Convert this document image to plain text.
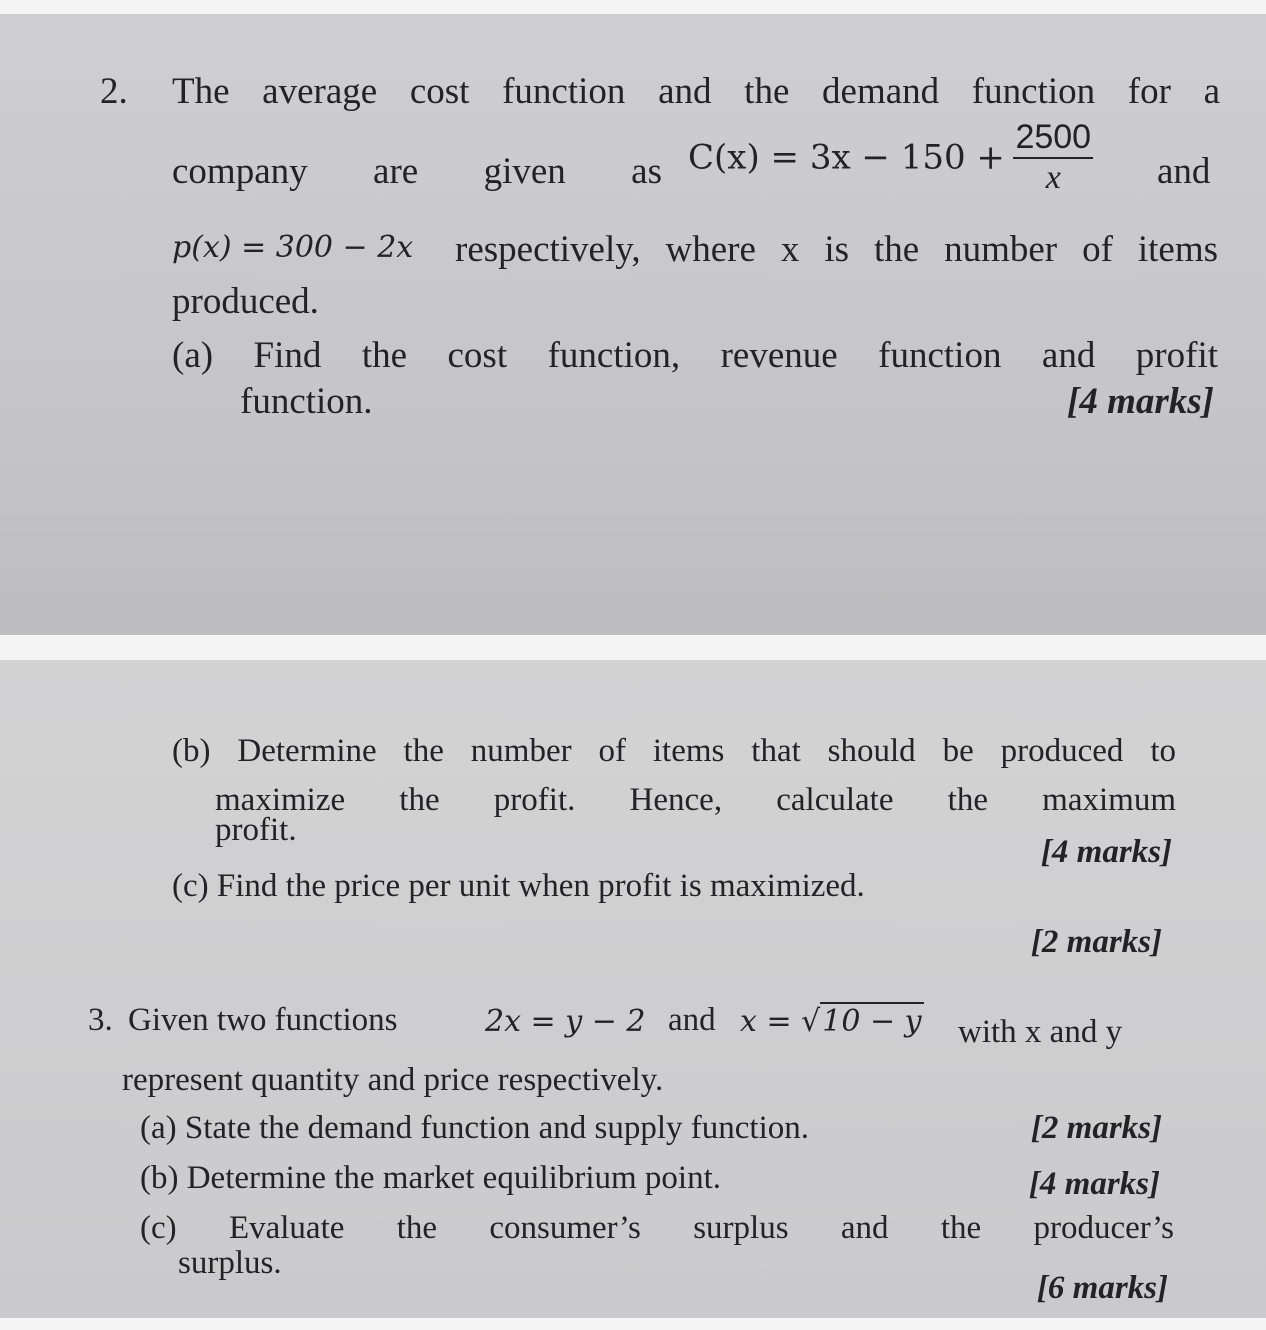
2. The average cost function and the demand function for a
company are given as $C(x) = 3x - 150 + \frac{2500}{x}$ and
p(x) = 300 − 2x respectively, where x is the number of items
produced.
(a) Find the cost function, revenue function and profit
function.	[4 marks]
(b) Determine the number of items that should be produced to
maximize the profit. Hence, calculate the maximum
profit.
[4 marks]
(c) Find the price per unit when profit is maximized.
[2 marks]
3. Given two functions	2x = y − 2 and x = √10 − y with x and y
represent quantity and price respectively.
(a) State the demand function and supply function.	[2 marks]
(b) Determine the market equilibrium point.	[4 marks]
(c) Evaluate the consumer’s surplus and the producer’s
surplus.
[6 marks]
